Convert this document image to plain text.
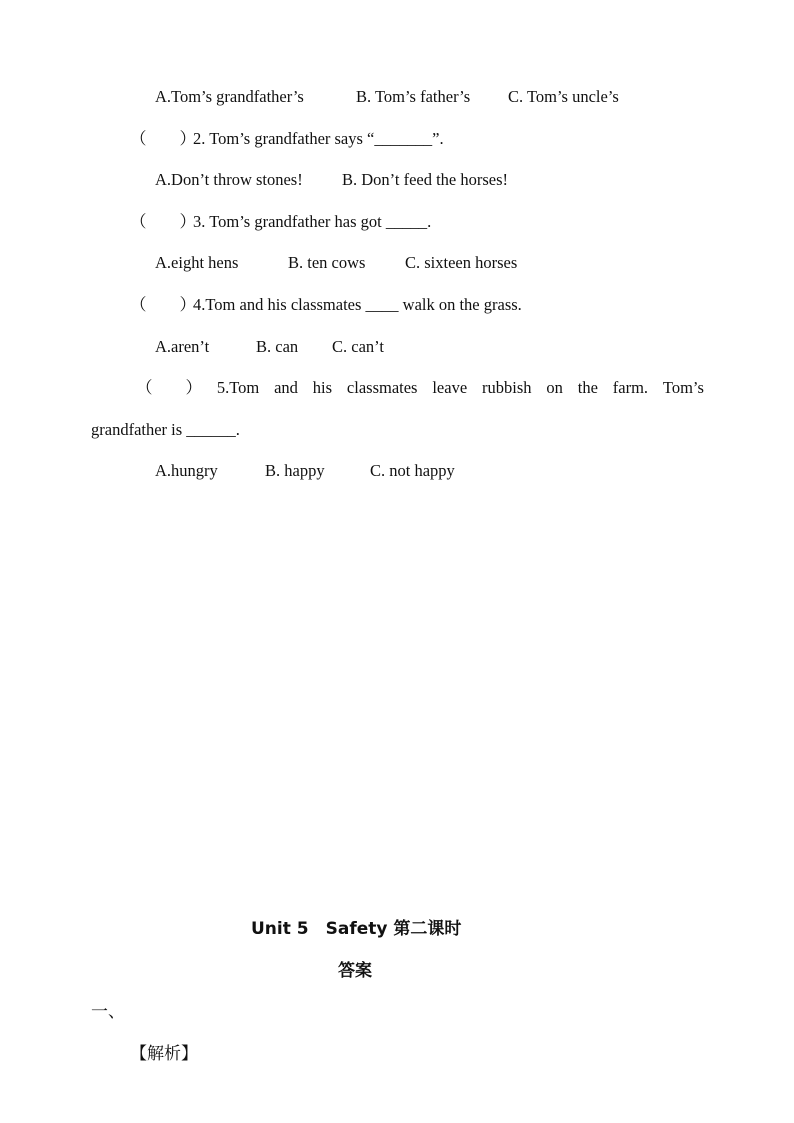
A.Tom’s grandfather’s	B. Tom’s father’s C. Tom’s uncle’s
（　　）
2. Tom’s grandfather says “_______”.
A.Don’t throw stones! B. Don’t feed the horses!
（　　）
3. Tom’s grandfather has got _____.
A.eight hens	B. ten cows C. sixteen horses
（　　）
4.Tom and his classmates ____ walk on the grass.
A.aren’t	B. can C. can’t
（　　） 5.Tom and his classmates leave rubbish on the farm. Tom’s
grandfather is ______.
A.hungry	B. happy	C. not happy
Unit 5　Safety 第二课时
答案
一、
【解析】
